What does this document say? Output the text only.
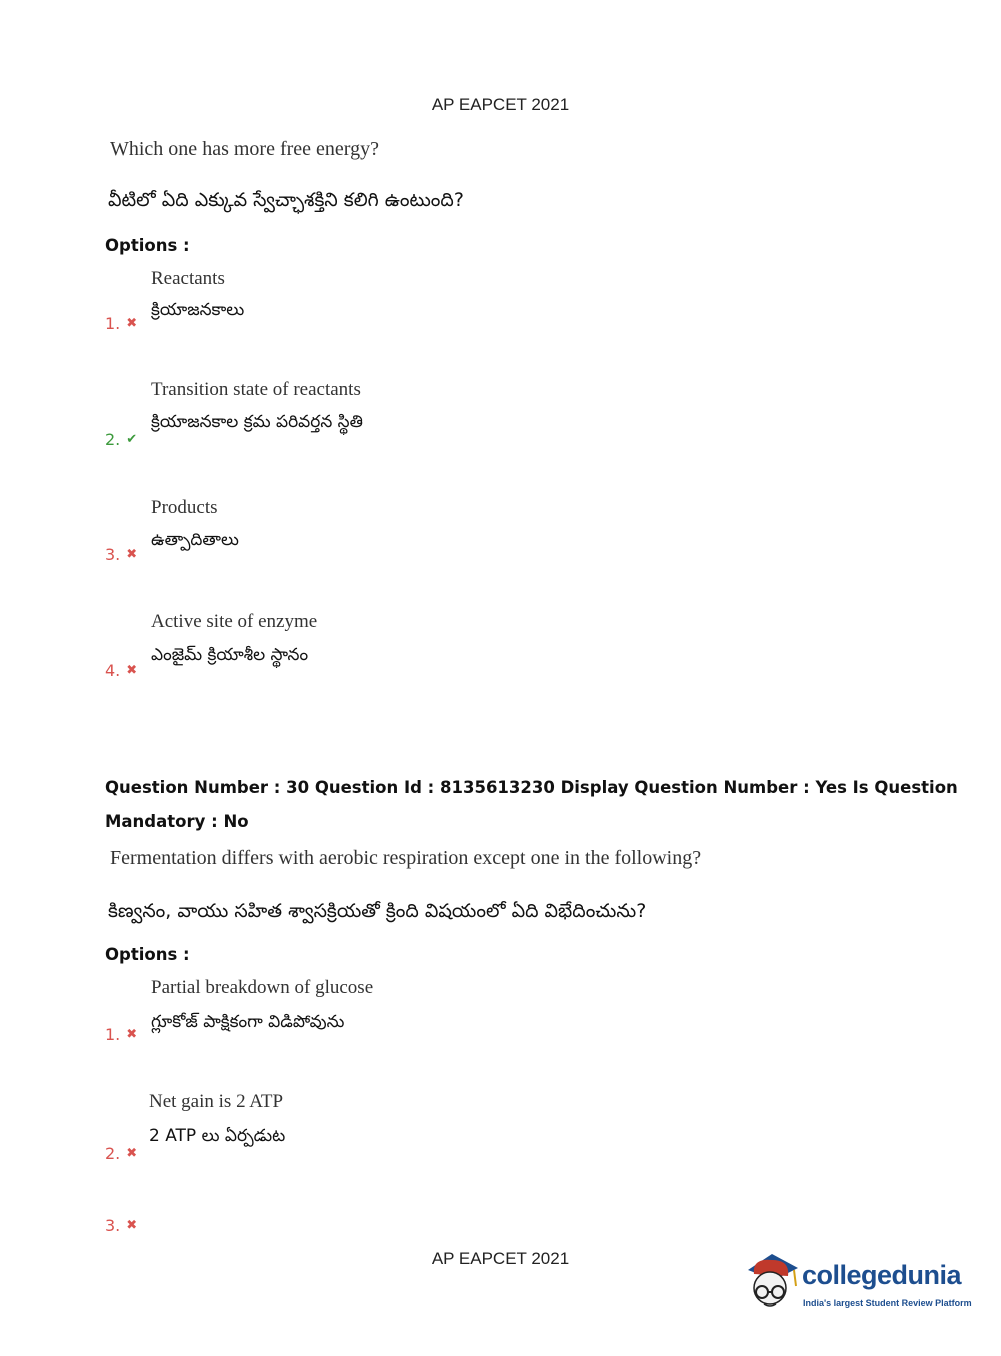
AP EAPCET 2021
Which one has more free energy?
వీటిలో ఏది ఎక్కువ స్వేచ్ఛాశక్తిని కలిగి ఉంటుంది?
Options :
Reactants
క్రియాజనకాలు
1. ✖
Transition state of reactants
క్రియాజనకాల క్రమ పరివర్తన స్థితి
2. ✔
Products
ఉత్పాదితాలు
3. ✖
Active site of enzyme
ఎంజైమ్ క్రియాశీల స్థానం
4. ✖
Question Number : 30 Question Id : 8135613230 Display Question Number : Yes Is Question
Mandatory : No
Fermentation differs with aerobic respiration except one in the following?
కిణ్వనం, వాయు సహిత శ్వాసక్రియతో క్రింది విషయంలో ఏది విభేదించును?
Options :
Partial breakdown of glucose
గ్లూకోజ్ పాక్షికంగా విడిపోవును
1. ✖
Net gain is 2 ATP
2 ATP లు ఏర్పడుట
2. ✖
3. ✖
AP EAPCET 2021
collegedunia
India's largest Student Review Platform
